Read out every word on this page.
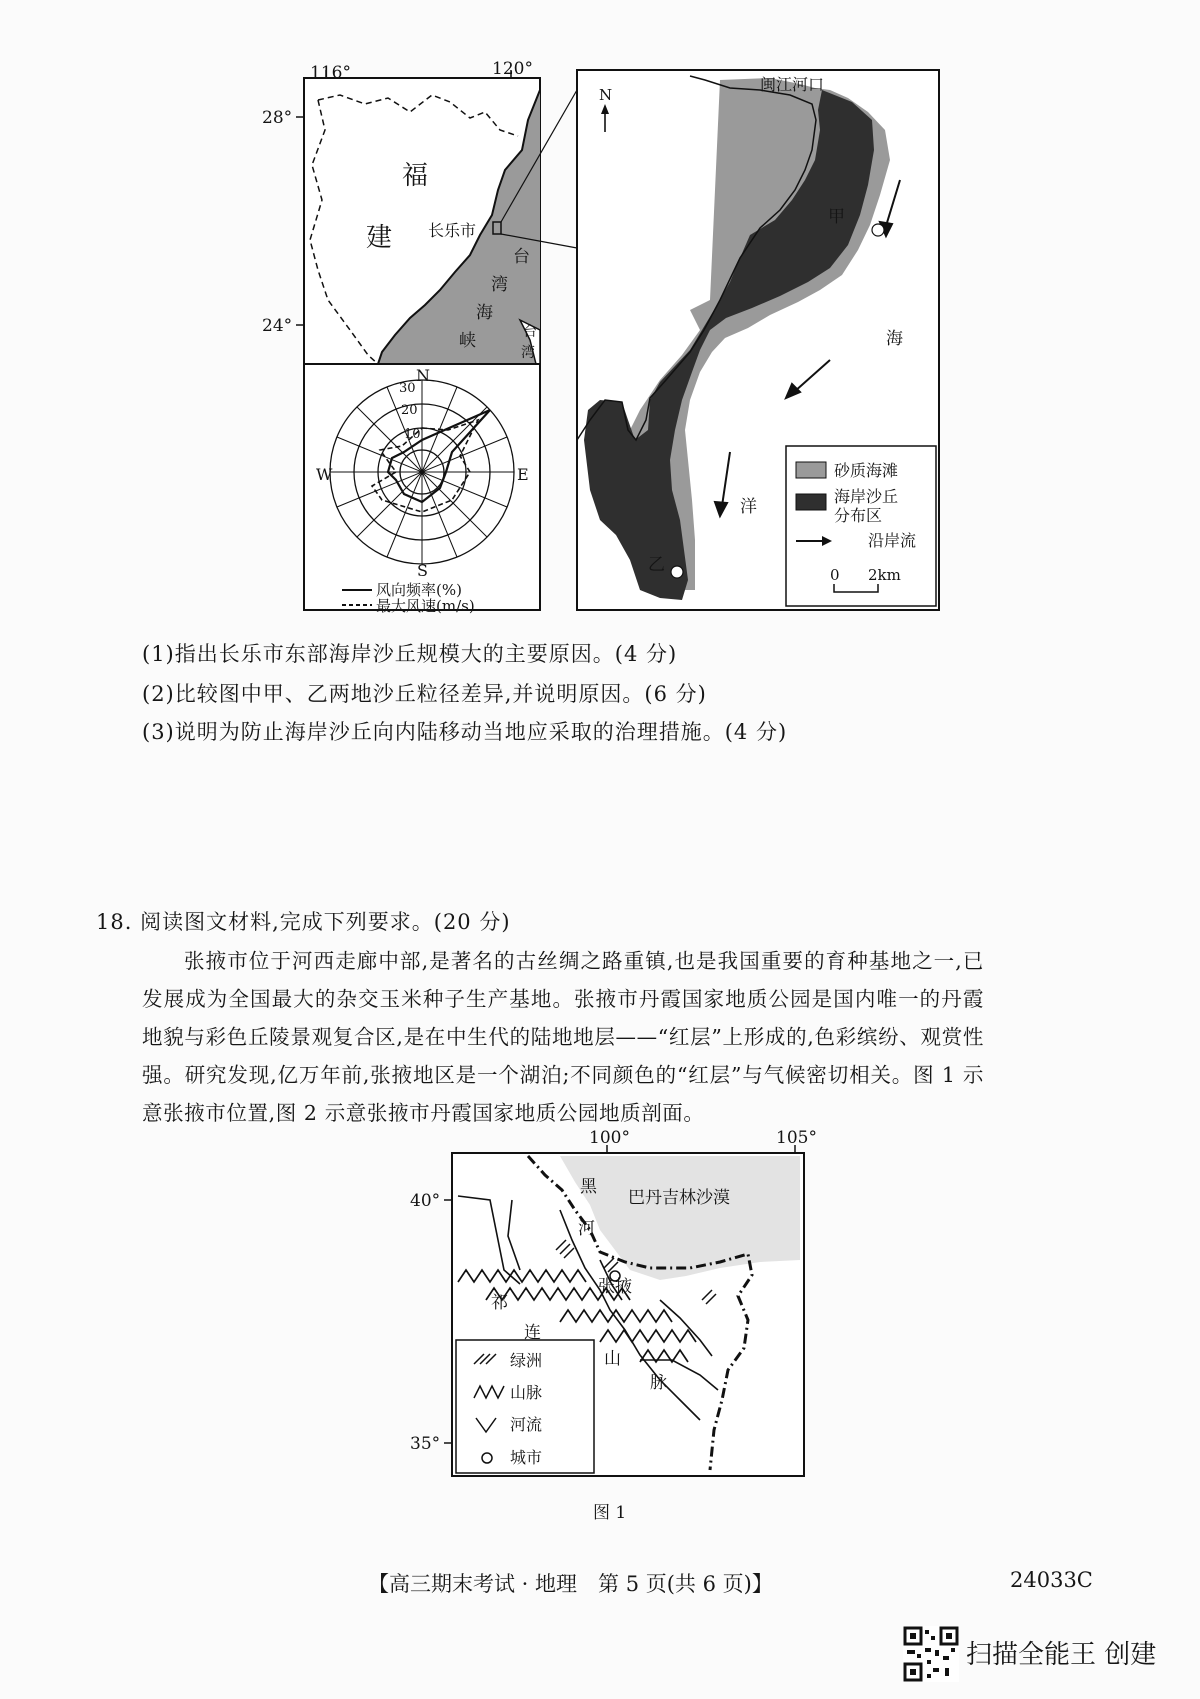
116°	120°
28°
24°
福
建 长乐市
台
湾
海
峡	台
湾
N
E
S
W
30
20
10
风向频率(%)
最大风速(m/s)
N
闽江河口
甲
乙
海
洋
砂质海滩
海岸沙丘
分布区
沿岸流
0 2km
(1)指出长乐市东部海岸沙丘规模大的主要原因。(4 分)
(2)比较图中甲、乙两地沙丘粒径差异,并说明原因。(6 分)
(3)说明为防止海岸沙丘向内陆移动当地应采取的治理措施。(4 分)
18. 阅读图文材料,完成下列要求。(20 分)
张掖市位于河西走廊中部,是著名的古丝绸之路重镇,也是我国重要的育种基地之一,已发展成为全国最大的杂交玉米种子生产基地。张掖市丹霞国家地质公园是国内唯一的丹霞地貌与彩色丘陵景观复合区,是在中生代的陆地地层——“红层”上形成的,色彩缤纷、观赏性强。研究发现,亿万年前,张掖地区是一个湖泊;不同颜色的“红层”与气候密切相关。图 1 示意张掖市位置,图 2 示意张掖市丹霞国家地质公园地质剖面。
100°	105°
40°
35°
巴丹吉林沙漠
黑
河
张掖
祁
连
山
脉
绿洲
山脉
河流
城市
图 1
【高三期末考试 · 地理　第 5 页(共 6 页)】	24033C
扫描全能王 创建
